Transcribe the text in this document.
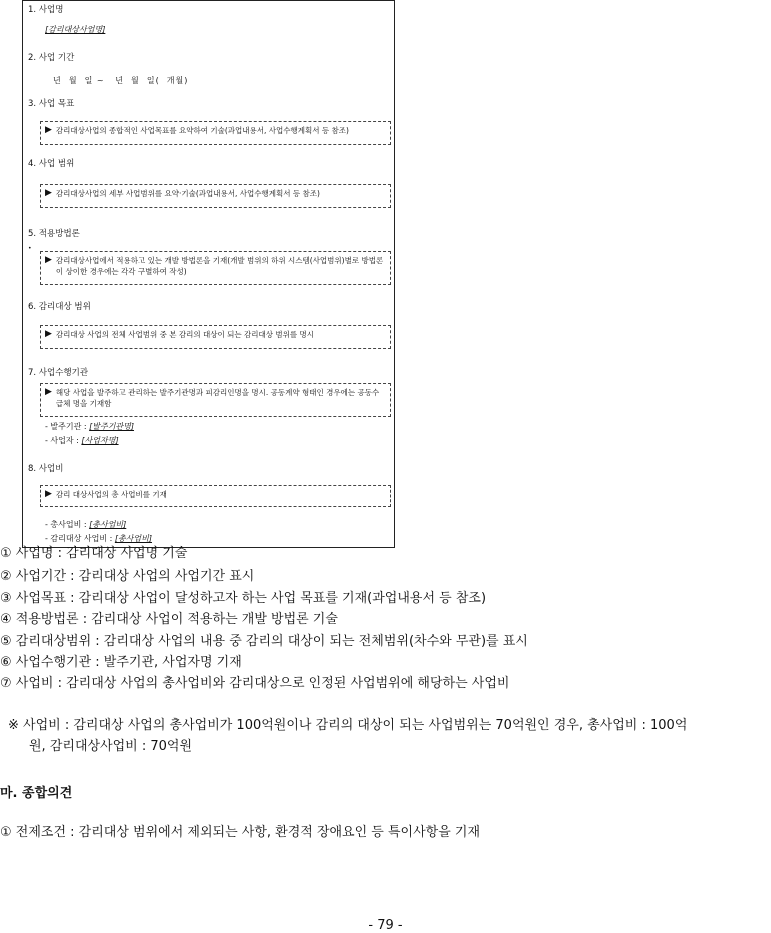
1. 사업명
[감리대상사업명]
2. 사업 기간
년  월  일 ~   년  월  일(  개월)
3. 사업 목표
▶ 감리대상사업의 종합적인 사업목표를 요약하여 기술(과업내용서, 사업수행계획서 등 참조)
4. 사업 범위
▶ 감리대상사업의 세부 사업범위를 요약·기술(과업내용서, 사업수행계획서 등 참조)
5. 적용방법론
•
▶ 감리대상사업에서 적용하고 있는 개발 방법론을 기재(개발 범위의 하위 시스템(사업범위)별로 방법론이 상이한 경우에는 각각 구별하여 작성)
6. 감리대상 범위
▶ 감리대상 사업의 전체 사업범위 중 본 감리의 대상이 되는 감리대상 범위를 명시
7. 사업수행기관
▶ 해당 사업을 발주하고 관리하는 발주기관명과 피감리인명을 명시. 공동계약 형태인 경우에는 공동수급체 명을 기재함
- 발주기관 : [발주기관명]
- 사업자 : [사업자명]
8. 사업비
▶ 감리 대상사업의 총 사업비를 기재
- 총사업비 : [총사업비]
- 감리대상 사업비 : [총사업비]
① 사업명 : 감리대상 사업명 기술
② 사업기간 : 감리대상 사업의 사업기간 표시
③ 사업목표 : 감리대상 사업이 달성하고자 하는 사업 목표를 기재(과업내용서 등 참조)
④ 적용방법론 : 감리대상 사업이 적용하는 개발 방법론 기술
⑤ 감리대상범위 : 감리대상 사업의 내용 중 감리의 대상이 되는 전체범위(차수와 무관)를 표시
⑥ 사업수행기관 : 발주기관, 사업자명 기재
⑦ 사업비 : 감리대상 사업의 총사업비와 감리대상으로 인정된 사업범위에 해당하는 사업비
※ 사업비 : 감리대상 사업의 총사업비가 100억원이나 감리의 대상이 되는 사업범위는 70억원인 경우, 총사업비 : 100억
원, 감리대상사업비 : 70억원
마. 종합의견
① 전제조건 : 감리대상 범위에서 제외되는 사항, 환경적 장애요인 등 특이사항을 기재
- 79 -
